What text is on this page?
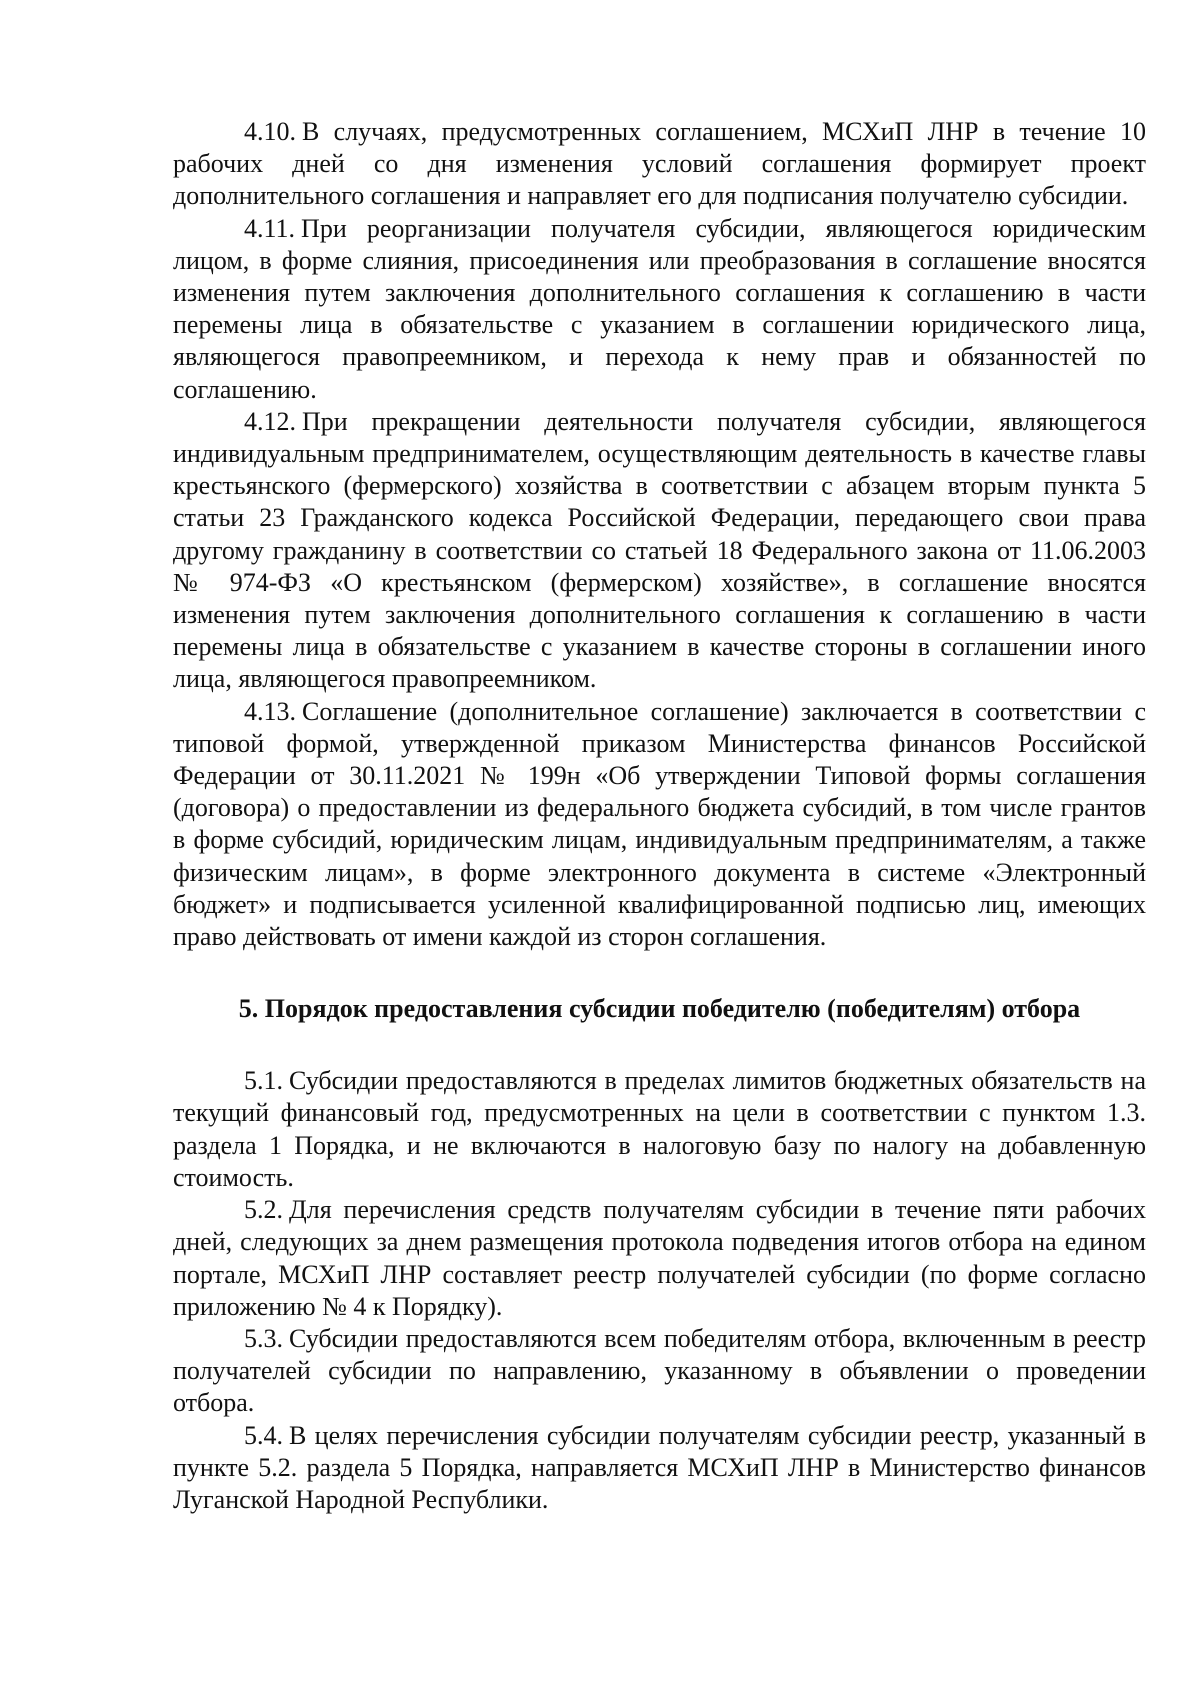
4.10. В случаях, предусмотренных соглашением, МСХиП ЛНР в течение 10 рабочих дней со дня изменения условий соглашения формирует проект дополнительного соглашения и направляет его для подписания получателю субсидии.

4.11. При реорганизации получателя субсидии, являющегося юридическим лицом, в форме слияния, присоединения или преобразования в соглашение вносятся изменения путем заключения дополнительного соглашения к соглашению в части перемены лица в обязательстве с указанием в соглашении юридического лица, являющегося правопреемником, и перехода к нему прав и обязанностей по соглашению.

4.12. При прекращении деятельности получателя субсидии, являющегося индивидуальным предпринимателем, осуществляющим деятельность в качестве главы крестьянского (фермерского) хозяйства в соответствии с абзацем вторым пункта 5 статьи 23 Гражданского кодекса Российской Федерации, передающего свои права другому гражданину в соответствии со статьей 18 Федерального закона от 11.06.2003 № 974-ФЗ «О крестьянском (фермерском) хозяйстве», в соглашение вносятся изменения путем заключения дополнительного соглашения к соглашению в части перемены лица в обязательстве с указанием в качестве стороны в соглашении иного лица, являющегося правопреемником.

4.13. Соглашение (дополнительное соглашение) заключается в соответствии с типовой формой, утвержденной приказом Министерства финансов Российской Федерации от 30.11.2021 № 199н «Об утверждении Типовой формы соглашения (договора) о предоставлении из федерального бюджета субсидий, в том числе грантов в форме субсидий, юридическим лицам, индивидуальным предпринимателям, а также физическим лицам», в форме электронного документа в системе «Электронный бюджет» и подписывается усиленной квалифицированной подписью лиц, имеющих право действовать от имени каждой из сторон соглашения.

5. Порядок предоставления субсидии победителю (победителям) отбора

5.1. Субсидии предоставляются в пределах лимитов бюджетных обязательств на текущий финансовый год, предусмотренных на цели в соответствии с пунктом 1.3. раздела 1 Порядка, и не включаются в налоговую базу по налогу на добавленную стоимость.

5.2. Для перечисления средств получателям субсидии в течение пяти рабочих дней, следующих за днем размещения протокола подведения итогов отбора на едином портале, МСХиП ЛНР составляет реестр получателей субсидии (по форме согласно приложению № 4 к Порядку).

5.3. Субсидии предоставляются всем победителям отбора, включенным в реестр получателей субсидии по направлению, указанному в объявлении о проведении отбора.

5.4. В целях перечисления субсидии получателям субсидии реестр, указанный в пункте 5.2. раздела 5 Порядка, направляется МСХиП ЛНР в Министерство финансов Луганской Народной Республики.
